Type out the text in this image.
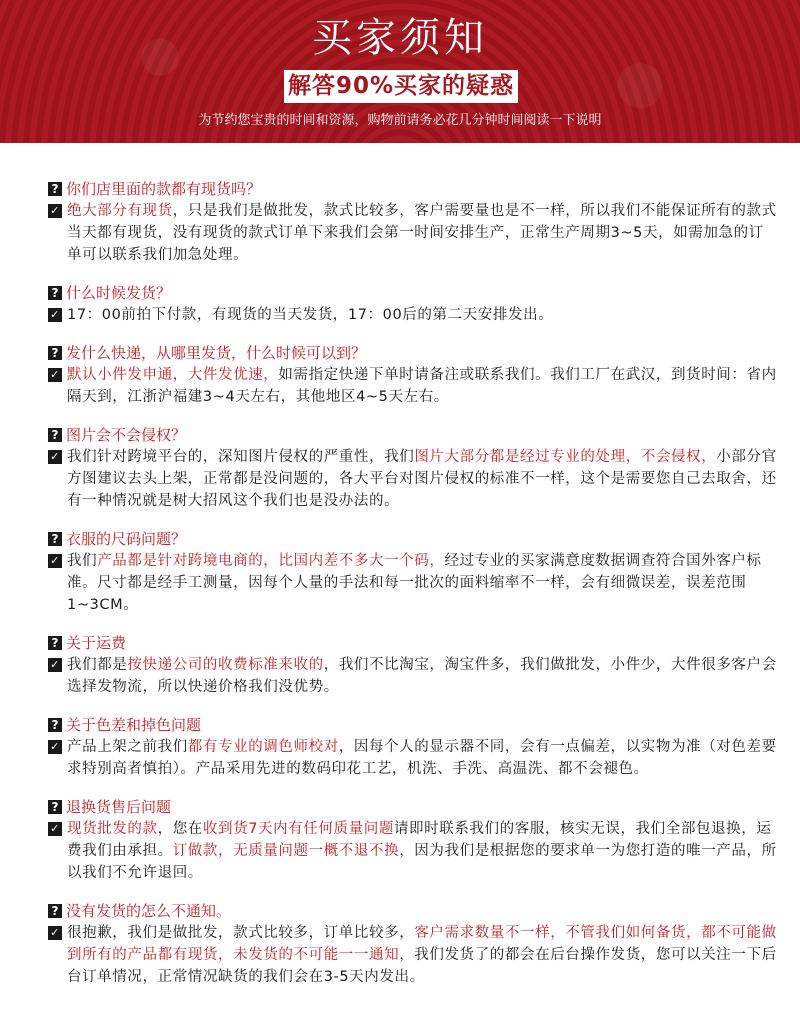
买家须知
解答90%买家的疑惑
为节约您宝贵的时间和资源，购物前请务必花几分钟时间阅读一下说明
? 你们店里面的款都有现货吗？
✓ 绝大部分有现货，只是我们是做批发，款式比较多，客户需要量也是不一样，所以我们不能保证所有的款式当天都有现货，没有现货的款式订单下来我们会第一时间安排生产，正常生产周期3~5天，如需加急的订单可以联系我们加急处理。
? 什么时候发货？
✓ 17：00前拍下付款，有现货的当天发货，17：00后的第二天安排发出。
? 发什么快递，从哪里发货，什么时候可以到？
✓ 默认小件发申通，大件发优速，如需指定快递下单时请备注或联系我们。我们工厂在武汉，到货时间：省内隔天到，江浙沪福建3~4天左右，其他地区4~5天左右。
? 图片会不会侵权？
✓ 我们针对跨境平台的，深知图片侵权的严重性，我们图片大部分都是经过专业的处理，不会侵权，小部分官方图建议去头上架，正常都是没问题的，各大平台对图片侵权的标准不一样，这个是需要您自己去取舍，还有一种情况就是树大招风这个我们也是没办法的。
? 衣服的尺码问题？
✓ 我们产品都是针对跨境电商的，比国内差不多大一个码，经过专业的买家满意度数据调查符合国外客户标准。尺寸都是经手工测量，因每个人量的手法和每一批次的面料缩率不一样，会有细微误差，误差范围1~3CM。
? 关于运费
✓ 我们都是按快递公司的收费标准来收的，我们不比淘宝，淘宝件多，我们做批发，小件少，大件很多客户会选择发物流，所以快递价格我们没优势。
? 关于色差和掉色问题
✓ 产品上架之前我们都有专业的调色师校对，因每个人的显示器不同，会有一点偏差，以实物为准（对色差要求特别高者慎拍）。产品采用先进的数码印花工艺，机洗、手洗、高温洗、都不会褪色。
? 退换货售后问题
✓ 现货批发的款，您在收到货7天内有任何质量问题请即时联系我们的客服，核实无误，我们全部包退换，运费我们由承担。订做款，无质量问题一概不退不换，因为我们是根据您的要求单一为您打造的唯一产品，所以我们不允许退回。
? 没有发货的怎么不通知。
✓ 很抱歉，我们是做批发，款式比较多，订单比较多，客户需求数量不一样，不管我们如何备货，都不可能做到所有的产品都有现货，未发货的不可能一一通知，我们发货了的都会在后台操作发货，您可以关注一下后台订单情况，正常情况缺货的我们会在3-5天内发出。
